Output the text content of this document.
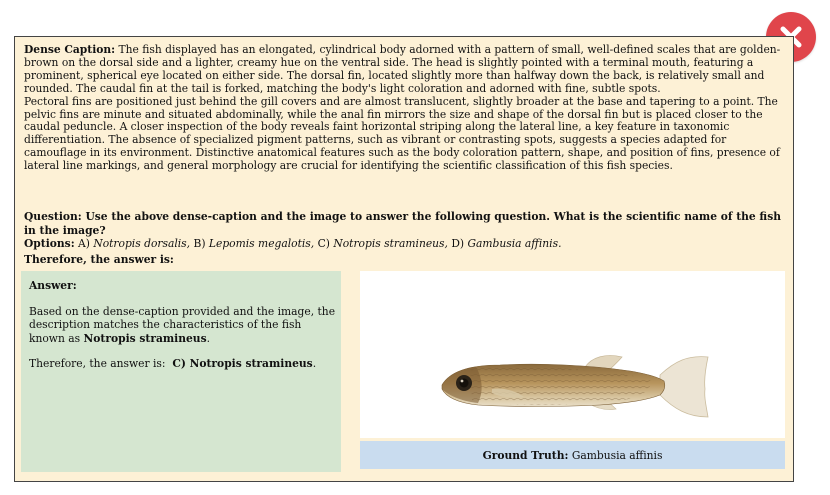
Dense Caption: The fish displayed has an elongated, cylindrical body adorned with a pattern of small, well-defined scales that are golden-brown on the dorsal side and a lighter, creamy hue on the ventral side. The head is slightly pointed with a terminal mouth, featuring a prominent, spherical eye located on either side. The dorsal fin, located slightly more than halfway down the back, is relatively small and rounded. The caudal fin at the tail is forked, matching the body's light coloration and adorned with fine, subtle spots.

Pectoral fins are positioned just behind the gill covers and are almost translucent, slightly broader at the base and tapering to a point. The pelvic fins are minute and situated abdominally, while the anal fin mirrors the size and shape of the dorsal fin but is placed closer to the caudal peduncle. A closer inspection of the body reveals faint horizontal striping along the lateral line, a key feature in taxonomic differentiation. The absence of specialized pigment patterns, such as vibrant or contrasting spots, suggests a species adapted for camouflage in its environment. Distinctive anatomical features such as the body coloration pattern, shape, and position of fins, presence of lateral line markings, and general morphology are crucial for identifying the scientific classification of this fish species.

Question: Use the above dense-caption and the image to answer the following question. What is the scientific name of the fish in the image?
Options: A) Notropis dorsalis, B) Lepomis megalotis, C) Notropis stramineus, D) Gambusia affinis.
Therefore, the answer is:
Answer:
Based on the dense-caption provided and the image, the description matches the characteristics of the fish known as Notropis stramineus.
Therefore, the answer is: C) Notropis stramineus.
Ground Truth:
Gambusia affinis
